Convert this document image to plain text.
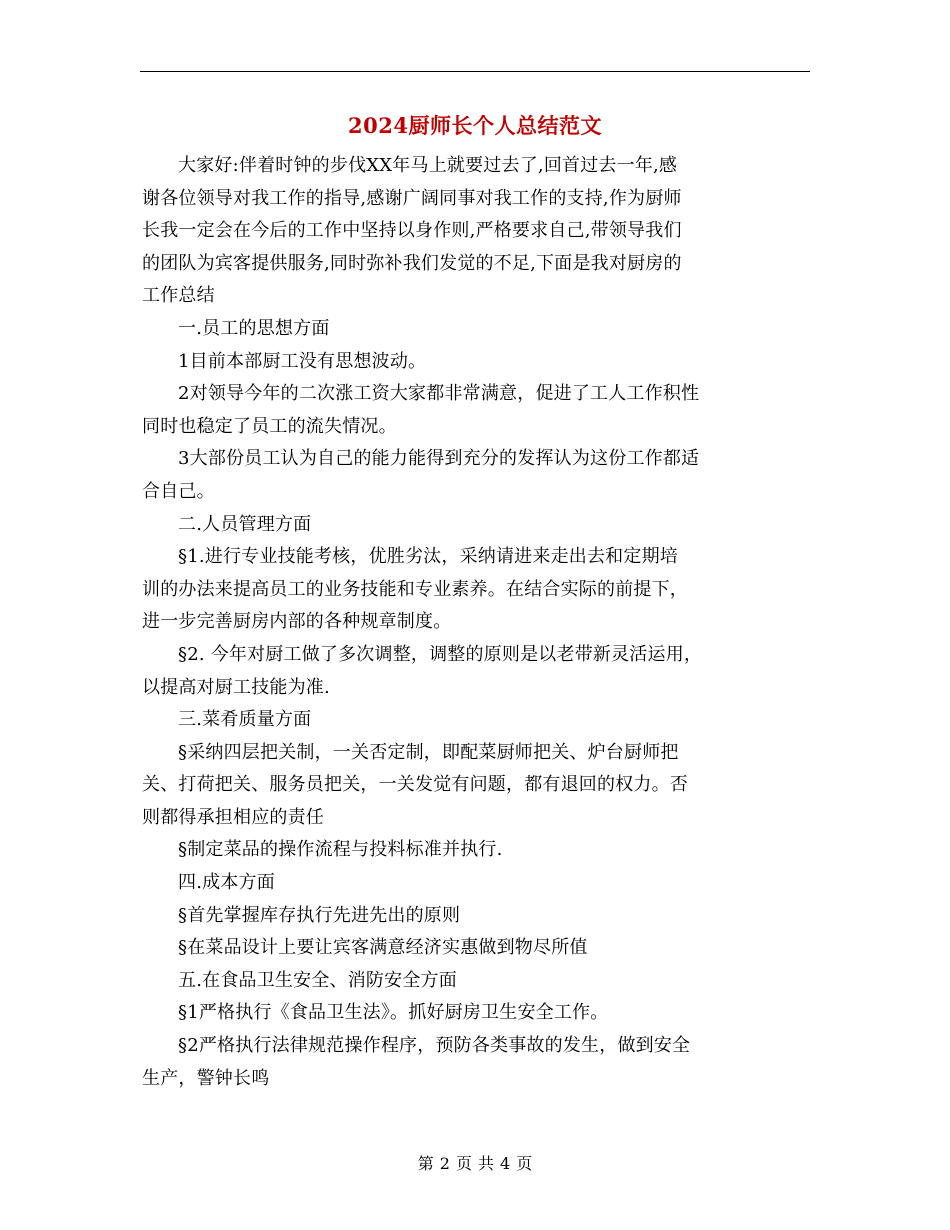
2024厨师长个人总结范文

大家好:伴着时钟的步伐XX年马上就要过去了,回首过去一年,感
谢各位领导对我工作的指导,感谢广阔同事对我工作的支持,作为厨师
长我一定会在今后的工作中坚持以身作则,严格要求自己,带领导我们
的团队为宾客提供服务,同时弥补我们发觉的不足,下面是我对厨房的
工作总结

一.员工的思想方面

1目前本部厨工没有思想波动。

2对领导今年的二次涨工资大家都非常满意，促进了工人工作积性
同时也稳定了员工的流失情况。

3大部份员工认为自己的能力能得到充分的发挥认为这份工作都适
合自己。

二.人员管理方面

§1.进行专业技能考核，优胜劣汰，采纳请进来走出去和定期培
训的办法来提高员工的业务技能和专业素养。在结合实际的前提下，
进一步完善厨房内部的各种规章制度。

§2. 今年对厨工做了多次调整，调整的原则是以老带新灵活运用，
以提高对厨工技能为准.

三.菜肴质量方面

§采纳四层把关制，一关否定制，即配菜厨师把关、炉台厨师把
关、打荷把关、服务员把关，一关发觉有问题，都有退回的权力。否
则都得承担相应的责任

§制定菜品的操作流程与投料标准并执行.

四.成本方面

§首先掌握库存执行先进先出的原则

§在菜品设计上要让宾客满意经济实惠做到物尽所值

五.在食品卫生安全、消防安全方面

§1严格执行《食品卫生法》。抓好厨房卫生安全工作。

§2严格执行法律规范操作程序，预防各类事故的发生，做到安全
生产，警钟长鸣

第 2 页 共 4 页
